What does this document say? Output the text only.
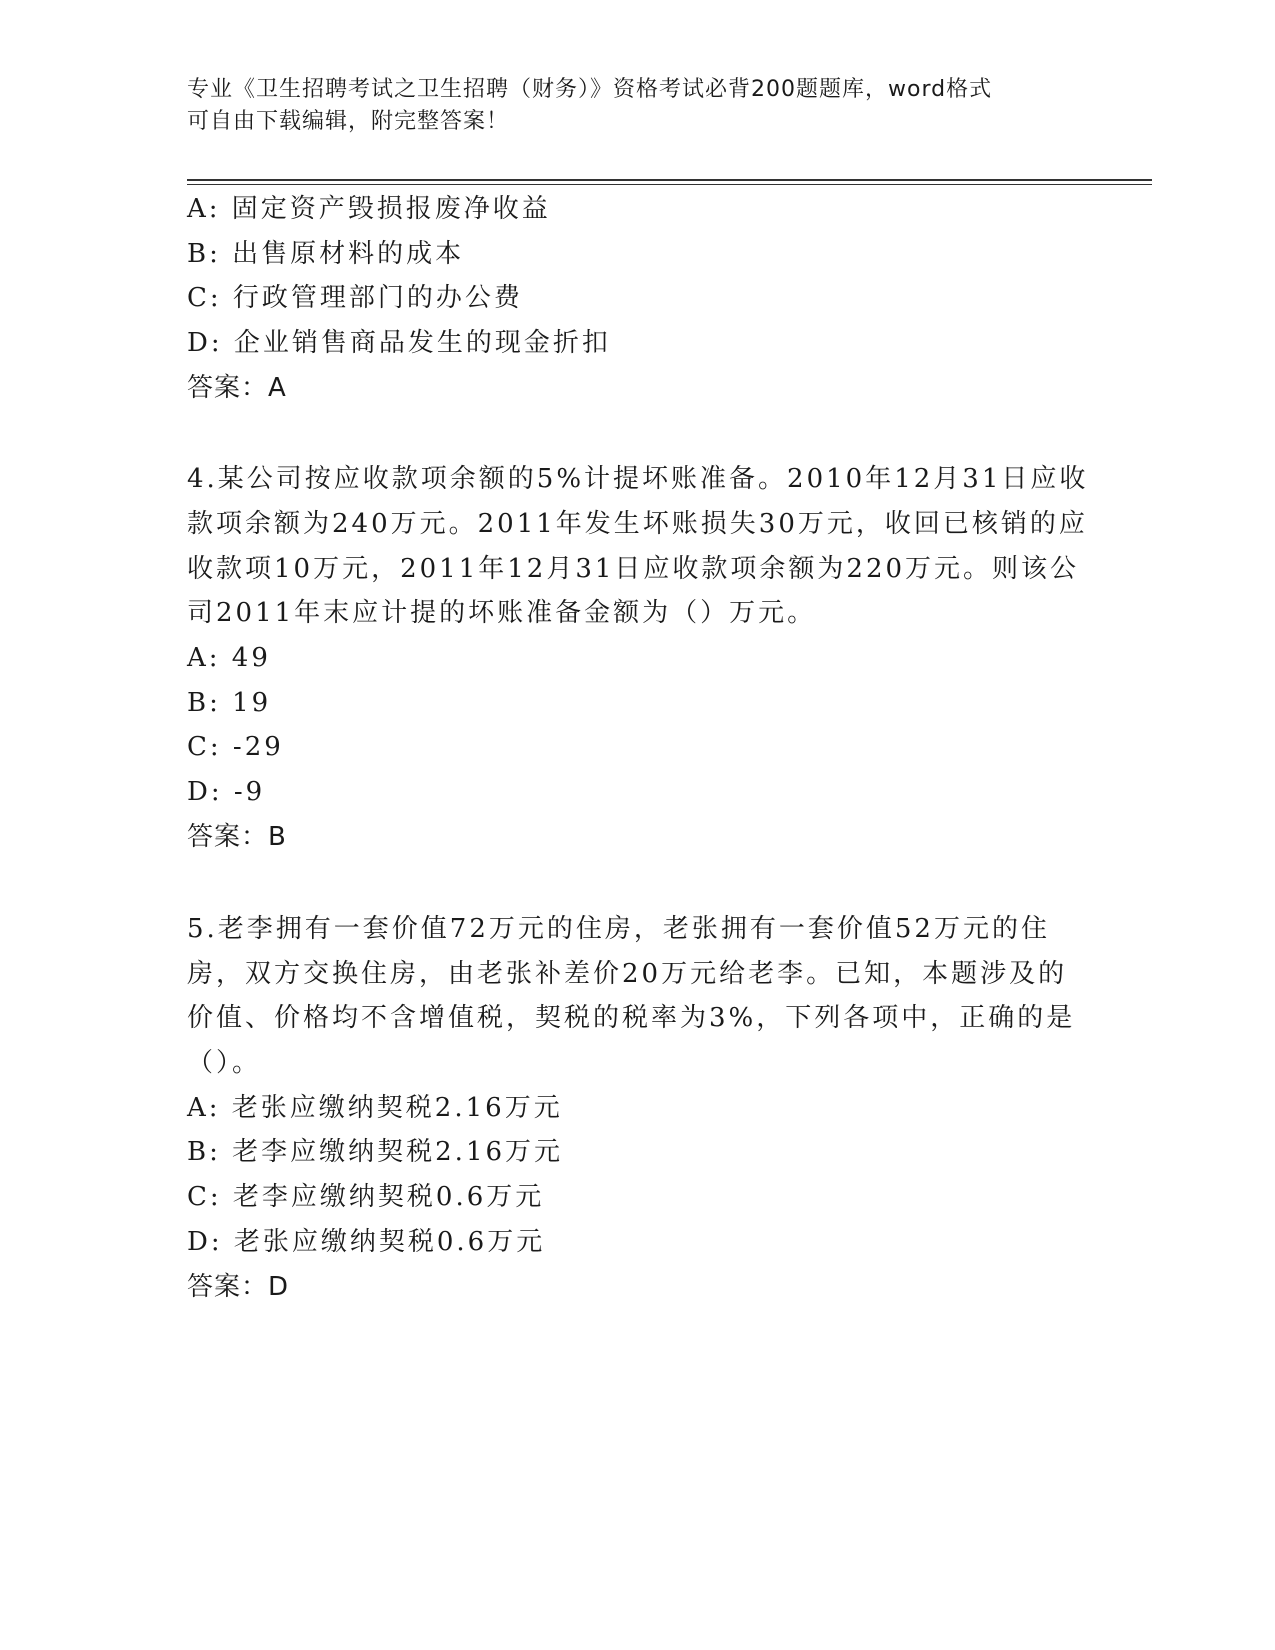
专业《卫生招聘考试之卫生招聘（财务）》资格考试必背200题题库，word格式
可自由下载编辑，附完整答案！
A: 固定资产毁损报废净收益
B: 出售原材料的成本
C: 行政管理部门的办公费
D: 企业销售商品发生的现金折扣
答案：A
4.某公司按应收款项余额的5%计提坏账准备。2010年12月31日应收
款项余额为240万元。2011年发生坏账损失30万元，收回已核销的应
收款项10万元，2011年12月31日应收款项余额为220万元。则该公
司2011年末应计提的坏账准备金额为（）万元。
A: 49
B: 19
C: -29
D: -9
答案：B
5.老李拥有一套价值72万元的住房，老张拥有一套价值52万元的住
房，双方交换住房，由老张补差价20万元给老李。已知，本题涉及的
价值、价格均不含增值税，契税的税率为3%，下列各项中，正确的是
（）。
A: 老张应缴纳契税2.16万元
B: 老李应缴纳契税2.16万元
C: 老李应缴纳契税0.6万元
D: 老张应缴纳契税0.6万元
答案：D
